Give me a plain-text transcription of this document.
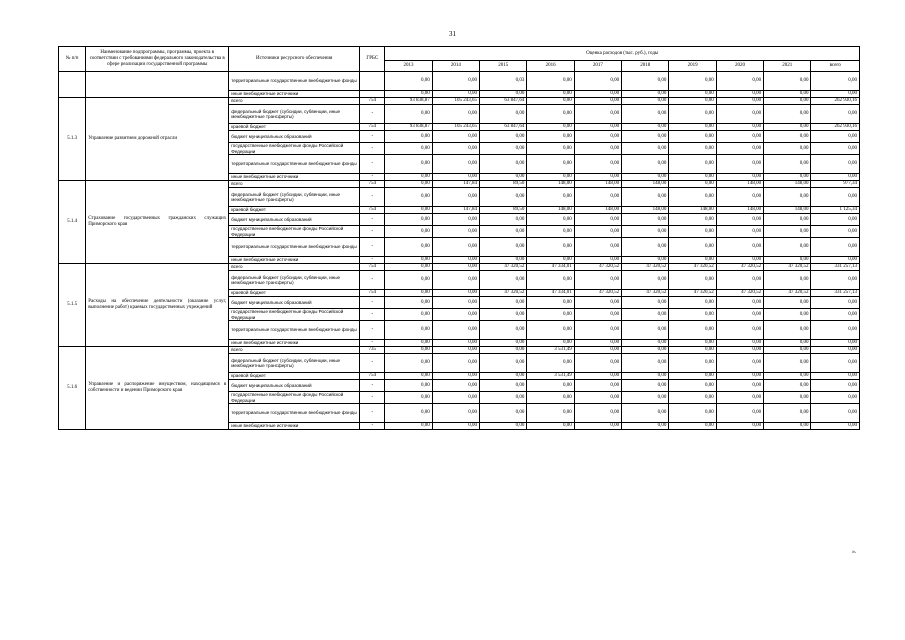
31
№ п/п	Наименование подпрограммы, программы, проекта в соответствии с требованиями федерального законодательства в сфере реализации государственной программы	Источники ресурсного обеспечения	ГРБС	Оценка расходов (тыс. руб.), годы									
				2013	2014	2015	2016	2017	2018	2019	2020	2021	всего
		территориальные государственные внебюджетные фонды		0,00	0,00	0,03	0,00	0,00	0,00	0,00	0,00	0,00	0,00
		иные внебюджетные источники		0,00	0,00	0,00	0,00	0,00	0,00	0,00	0,00	0,00	0,00
5.1.3	Управление развитием дорожной отрасли	всего	754	93 838,87	105 243,65	63 847,64	0,00	0,00	0,00	0,00	0,00	0,00	262 930,16
		федеральный бюджет (субсидии, субвенции, иные межбюджетные трансферты)	-	0,00	0,00	0,00	0,00	0,00	0,00	0,00	0,00	0,00	0,00
		краевой бюджет	754	93 838,87	105 243,65	63 847,64	0,00	0,00	0,00	0,00	0,00	0,00	262 930,16
		бюджет муниципальных образований	-	0,00	0,00	0,00	0,00	0,00	0,00	0,00	0,00	0,00	0,00
		государственные внебюджетные фонды Российской Федерации	-	0,00	0,00	0,00	0,00	0,00	0,00	0,00	0,00	0,00	0,00
		территориальные государственные внебюджетные фонды	-	0,00	0,00	0,00	0,00	0,00	0,00	0,00	0,00	0,00	0,00
		иные внебюджетные источники	-	0,00	0,00	0,00	0,00	0,00	0,00	0,00	0,00	0,00	0,00
5.1.4	Страхование государственных гражданских служащих Приморского края	всего	754	0,00	147,84	89,50	148,00	148,00	148,00	0,00	148,00	148,00	977,34
		федеральный бюджет (субсидии, субвенции, иные межбюджетные трансферты)	-	0,00	0,00	0,00	0,00	0,00	0,00	0,00	0,00	0,00	0,00
		краевой бюджет	754	0,00	147,84	89,50	148,00	148,00	148,00	148,00	148,00	148,00	1 125,34
		бюджет муниципальных образований	-	0,00	0,00	0,00	0,00	0,00	0,00	0,00	0,00	0,00	0,00
		государственные внебюджетные фонды Российской Федерации	-	0,00	0,00	0,00	0,00	0,00	0,00	0,00	0,00	0,00	0,00
		территориальные государственные внебюджетные фонды	-	0,00	0,00	0,00	0,00	0,00	0,00	0,00	0,00	0,00	0,00
		иные внебюджетные источники	-	0,00	0,00	0,00	0,00	0,00	0,00	0,00	0,00	0,00	0,00
5.1.5	Расходы на обеспечение деятельности (оказание услуг, выполнение работ) краевых государственных учреждений	всего	754	0,00	0,00	47 320,52	47 334,01	47 320,52	47 320,52	47 320,52	47 320,52	47 320,52	331 257,13
		федеральный бюджет (субсидии, субвенции, иные межбюджетные трансферты)	-	0,00	0,00	0,00	0,00	0,00	0,00	0,00	0,00	0,00	0,00
		краевой бюджет	754	0,00	0,00	47 320,52	47 334,01	47 320,52	47 320,52	47 320,52	47 320,52	47 320,52	331 257,13
		бюджет муниципальных образований	-	0,00	0,00	0,00	0,00	0,00	0,00	0,00	0,00	0,00	0,00
		государственные внебюджетные фонды Российской Федерации	-	0,00	0,00	0,00	0,00	0,00	0,00	0,00	0,00	0,00	0,00
		территориальные государственные внебюджетные фонды	-	0,00	0,00	0,00	0,00	0,00	0,00	0,00	0,00	0,00	0,00
		иные внебюджетные источники	-	0,00	0,00	0,00	0,00	0,00	0,00	0,00	0,00	0,00	0,00
5.1.6	Управление и распоряжение имуществом, находящимся в собственности и ведении Приморского края	всего	735	0,00	0,00	0,00	3 531,49	0,00	0,00	0,00	0,00	0,00	0,00
		федеральный бюджет (субсидии, субвенции, иные межбюджетные трансферты)	-	0,00	0,00	0,00	0,00	0,00	0,00	0,00	0,00	0,00	0,00
		краевой бюджет	754	0,00	0,00	0,00	3 531,49	0,00	0,00	0,00	0,00	0,00	0,00
		бюджет муниципальных образований	-	0,00	0,00	0,00	0,00	0,00	0,00	0,00	0,00	0,00	0,00
		государственные внебюджетные фонды Российской Федерации	-	0,00	0,00	0,00	0,00	0,00	0,00	0,00	0,00	0,00	0,00
		территориальные государственные внебюджетные фонды	-	0,00	0,00	0,00	0,00	0,00	0,00	0,00	0,00	0,00	0,00
		иные внебюджетные источники	-	0,00	0,00	0,00	0,00	0,00	0,00	0,00	0,00	0,00	0,00
».
